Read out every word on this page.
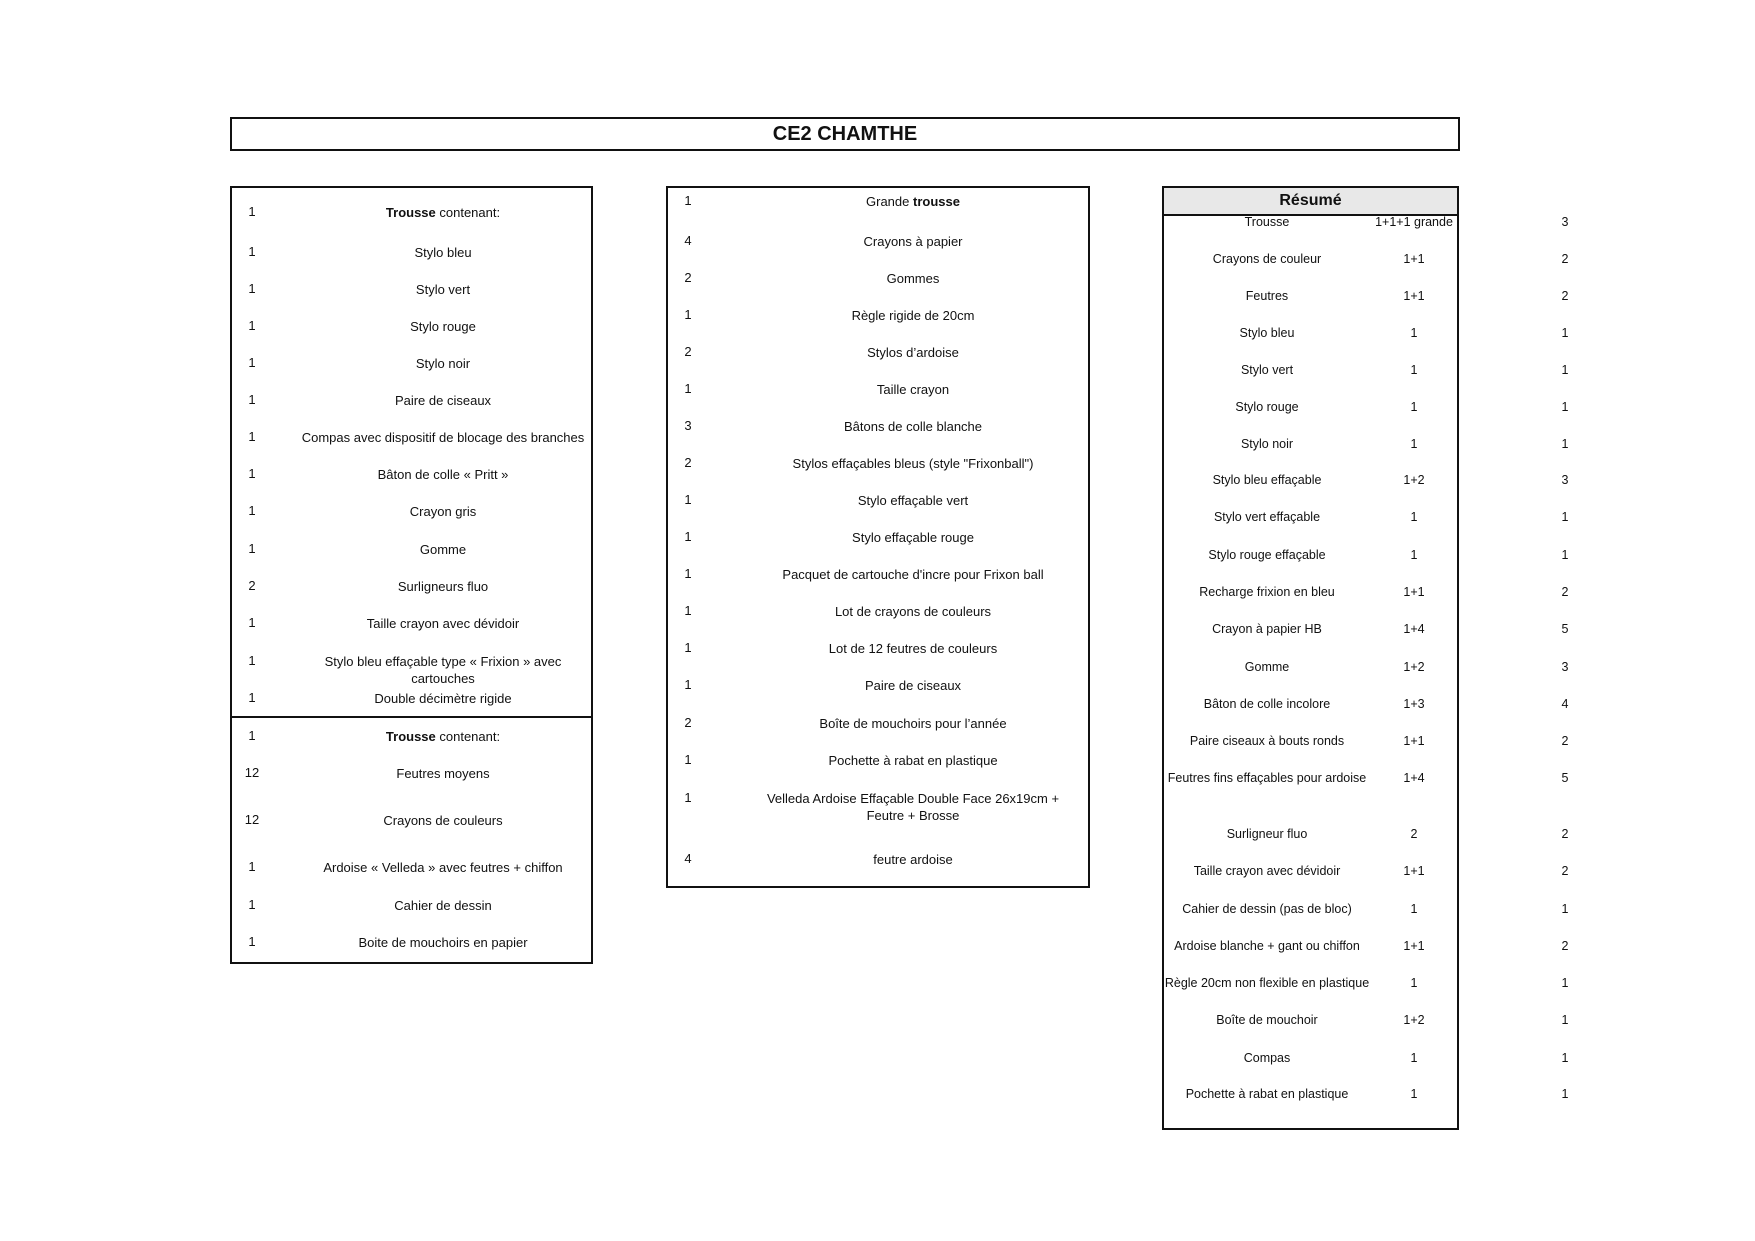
CE2 CHAMTHE
1	Trousse contenant:
1	Stylo bleu
1	Stylo vert
1	Stylo rouge
1	Stylo noir
1	Paire de ciseaux
1	Compas avec dispositif de blocage des branches
1	Bâton de colle « Pritt »
1	Crayon gris
1	Gomme
2	Surligneurs fluo
1	Taille crayon avec dévidoir
1	Stylo bleu effaçable type « Frixion » avec cartouches
1	Double décimètre rigide
1	Trousse contenant:
12	Feutres moyens
12	Crayons de couleurs
1	Ardoise « Velleda » avec feutres + chiffon
1	Cahier de dessin
1	Boite de mouchoirs en papier
1	Grande trousse
4	Crayons à papier
2	Gommes
1	Règle rigide de 20cm
2	Stylos d’ardoise
1	Taille crayon
3	Bâtons de colle blanche
2	Stylos effaçables bleus (style "Frixonball")
1	Stylo effaçable vert
1	Stylo effaçable rouge
1	Pacquet de cartouche d'incre pour Frixon ball
1	Lot de crayons de couleurs
1	Lot de 12 feutres de couleurs
1	Paire de ciseaux
2	Boîte de mouchoirs pour l’année
1	Pochette à rabat en plastique
1	Velleda Ardoise Effaçable Double Face 26x19cm + Feutre + Brosse
4	feutre ardoise
Résumé
Trousse	1+1+1 grande	3
Crayons de couleur	1+1	2
Feutres	1+1	2
Stylo bleu	1	1
Stylo vert	1	1
Stylo rouge	1	1
Stylo noir	1	1
Stylo bleu effaçable	1+2	3
Stylo vert effaçable	1	1
Stylo rouge effaçable	1	1
Recharge frixion en bleu	1+1	2
Crayon à papier HB	1+4	5
Gomme	1+2	3
Bâton de colle incolore	1+3	4
Paire ciseaux à bouts ronds	1+1	2
Feutres fins effaçables pour ardoise	1+4	5
Surligneur fluo	2	2
Taille crayon avec dévidoir	1+1	2
Cahier de dessin (pas de bloc)	1	1
Ardoise blanche + gant ou chiffon	1+1	2
Règle 20cm non flexible en plastique	1	1
Boîte de mouchoir	1+2	1
Compas	1	1
Pochette à rabat en plastique	1	1
